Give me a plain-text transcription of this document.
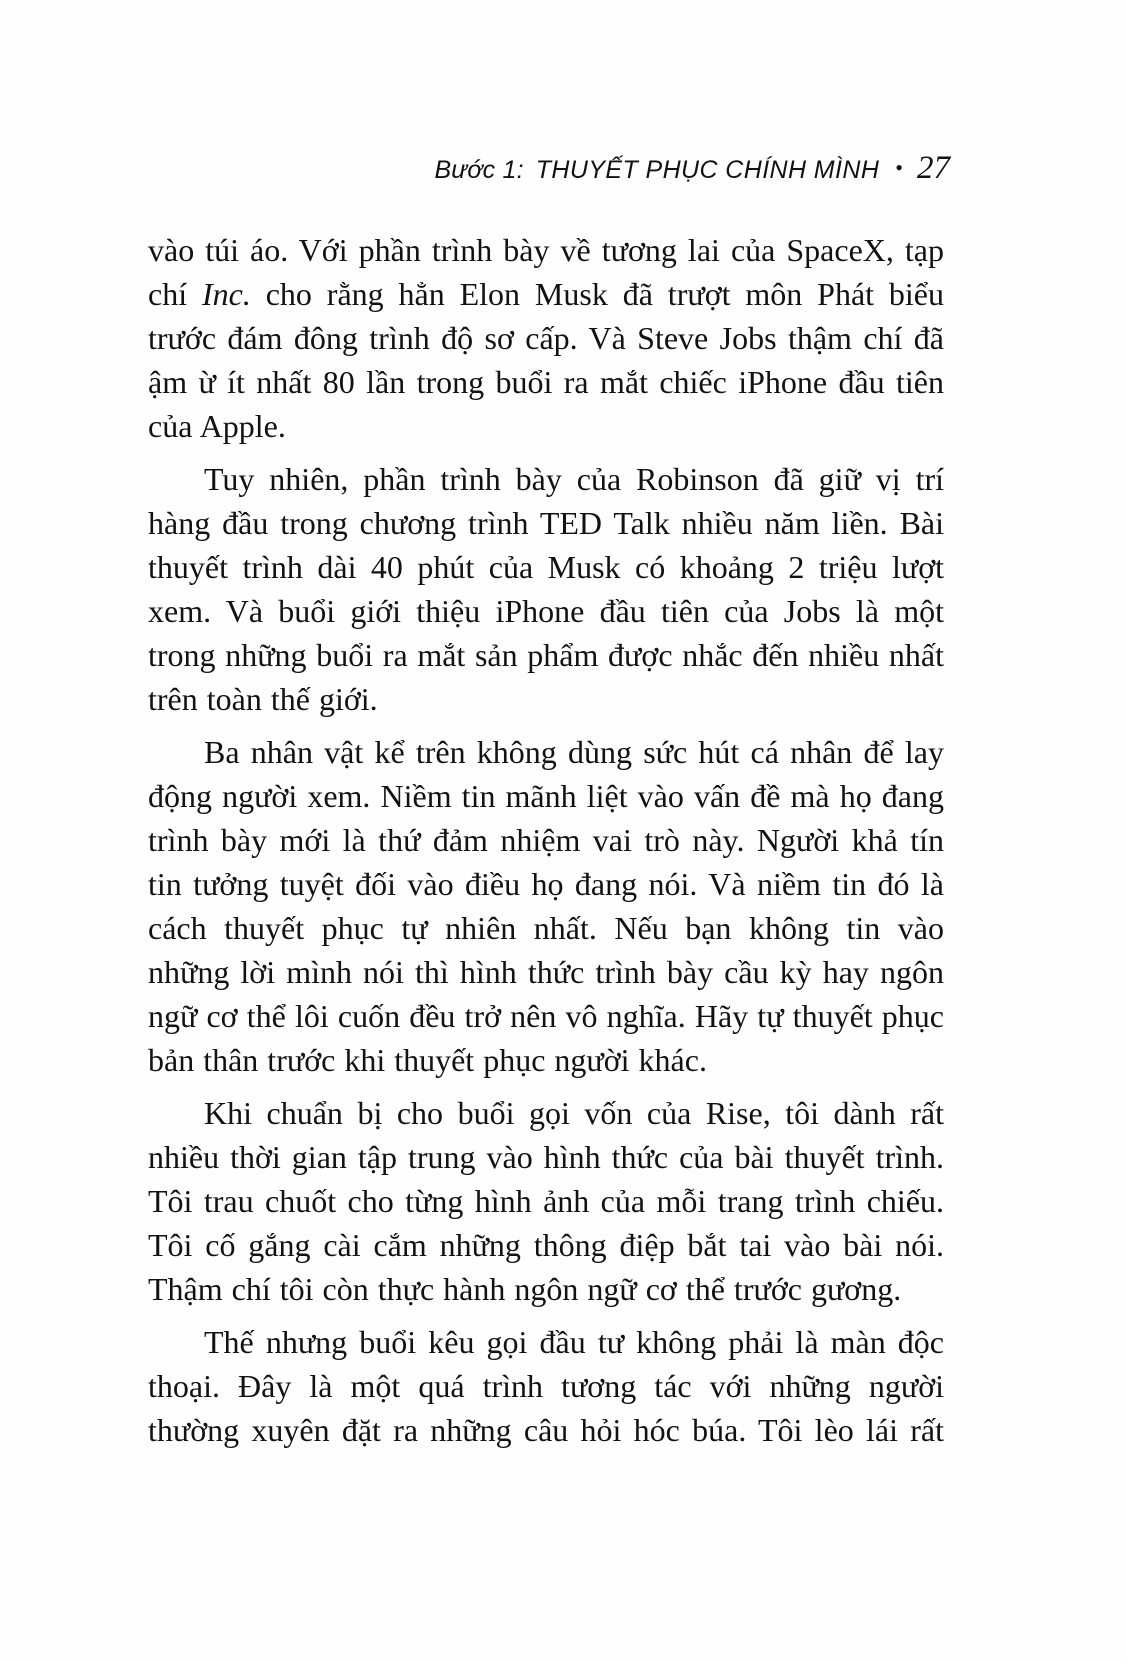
Bước 1: THUYẾT PHỤC CHÍNH MÌNH • 27

vào túi áo. Với phần trình bày về tương lai của SpaceX, tạp chí Inc. cho rằng hẳn Elon Musk đã trượt môn Phát biểu trước đám đông trình độ sơ cấp. Và Steve Jobs thậm chí đã ậm ừ ít nhất 80 lần trong buổi ra mắt chiếc iPhone đầu tiên của Apple.

Tuy nhiên, phần trình bày của Robinson đã giữ vị trí hàng đầu trong chương trình TED Talk nhiều năm liền. Bài thuyết trình dài 40 phút của Musk có khoảng 2 triệu lượt xem. Và buổi giới thiệu iPhone đầu tiên của Jobs là một trong những buổi ra mắt sản phẩm được nhắc đến nhiều nhất trên toàn thế giới.

Ba nhân vật kể trên không dùng sức hút cá nhân để lay động người xem. Niềm tin mãnh liệt vào vấn đề mà họ đang trình bày mới là thứ đảm nhiệm vai trò này. Người khả tín tin tưởng tuyệt đối vào điều họ đang nói. Và niềm tin đó là cách thuyết phục tự nhiên nhất. Nếu bạn không tin vào những lời mình nói thì hình thức trình bày cầu kỳ hay ngôn ngữ cơ thể lôi cuốn đều trở nên vô nghĩa. Hãy tự thuyết phục bản thân trước khi thuyết phục người khác.

Khi chuẩn bị cho buổi gọi vốn của Rise, tôi dành rất nhiều thời gian tập trung vào hình thức của bài thuyết trình. Tôi trau chuốt cho từng hình ảnh của mỗi trang trình chiếu. Tôi cố gắng cài cắm những thông điệp bắt tai vào bài nói. Thậm chí tôi còn thực hành ngôn ngữ cơ thể trước gương.

Thế nhưng buổi kêu gọi đầu tư không phải là màn độc thoại. Đây là một quá trình tương tác với những người thường xuyên đặt ra những câu hỏi hóc búa. Tôi lèo lái rất
